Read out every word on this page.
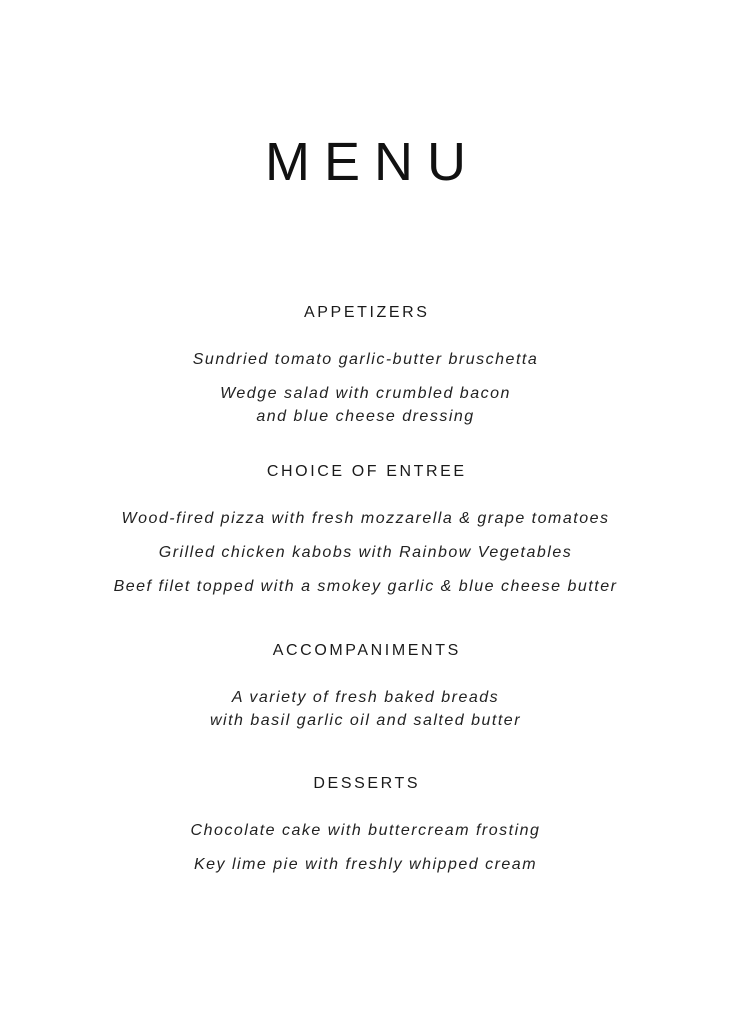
MENU
APPETIZERS
Sundried tomato garlic-butter bruschetta
Wedge salad with crumbled bacon
and blue cheese dressing
CHOICE OF ENTREE
Wood-fired pizza with fresh mozzarella & grape tomatoes
Grilled chicken kabobs with Rainbow Vegetables
Beef filet topped with a smokey garlic & blue cheese butter
ACCOMPANIMENTS
A variety of fresh baked breads
with basil garlic oil and salted butter
DESSERTS
Chocolate cake with buttercream frosting
Key lime pie with freshly whipped cream
